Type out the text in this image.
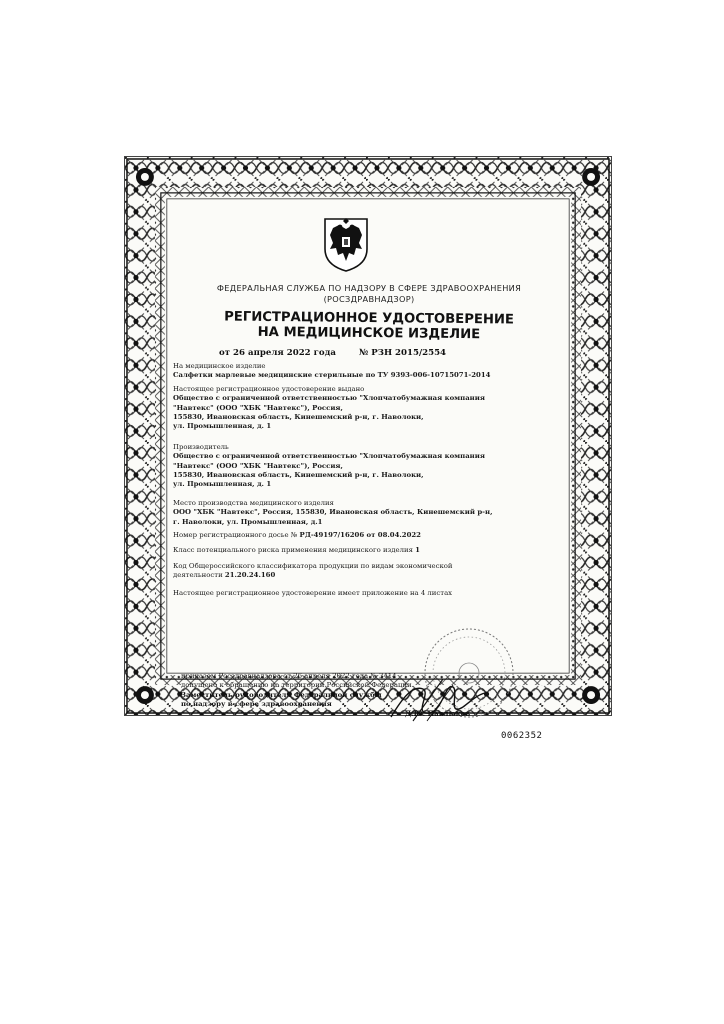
ФЕДЕРАЛЬНАЯ СЛУЖБА ПО НАДЗОРУ В СФЕРЕ ЗДРАВООХРАНЕНИЯ
(РОСЗДРАВНАДЗОР)
РЕГИСТРАЦИОННОЕ УДОСТОВЕРЕНИЕ
НА МЕДИЦИНСКОЕ ИЗДЕЛИЕ
от 26 апреля 2022 года	№ РЗН 2015/2554
На медицинское изделие
Салфетки марлевые медицинские стерильные по ТУ 9393-006-10715071-2014
Настоящее регистрационное удостоверение выдано
Общество с ограниченной ответственностью "Хлопчатобумажная компания
"Навтекс" (ООО "ХБК "Навтекс"), Россия,
155830, Ивановская область, Кинешемский р-н, г. Наволоки,
ул. Промышленная, д. 1
Производитель
Общество с ограниченной ответственностью "Хлопчатобумажная компания
"Навтекс" (ООО "ХБК "Навтекс"), Россия,
155830, Ивановская область, Кинешемский р-н, г. Наволоки,
ул. Промышленная, д. 1
Место производства медицинского изделия
ООО "ХБК "Навтекс", Россия, 155830, Ивановская область, Кинешемский р-н,
г. Наволоки, ул. Промышленная, д.1
Номер регистрационного досье № РД-49197/16206 от 08.04.2022
Класс потенциального риска применения медицинского изделия 1
Код Общероссийского классификатора продукции по видам экономической
деятельности 21.20.24.160
Настоящее регистрационное удостоверение имеет приложение на 4 листах
приказом Росздравнадзора от 26 апреля 2022 года № 3414
допущено к обращению на территории Российской Федерации.
Заместитель руководителя Федеральной службы
по надзору в сфере здравоохранения
Д.Ю. Павлюков
0062352
